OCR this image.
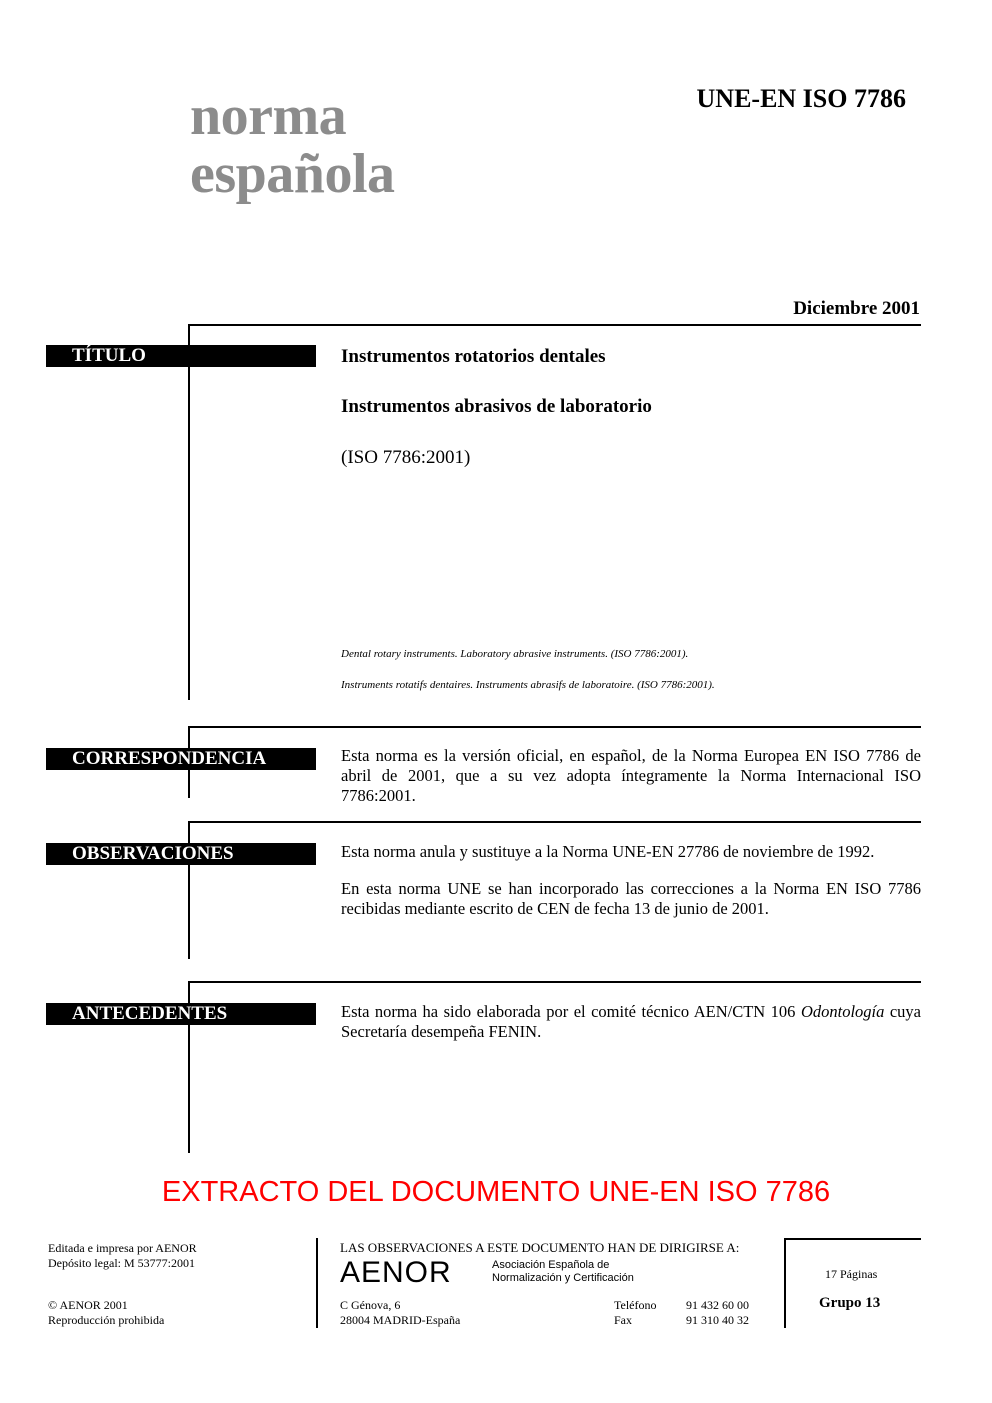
norma
española
UNE-EN ISO 7786
Diciembre 2001
TÍTULO	Instrumentos rotatorios dentales
Instrumentos abrasivos de laboratorio
(ISO 7786:2001)
Dental rotary instruments. Laboratory abrasive instruments. (ISO 7786:2001).
Instruments rotatifs dentaires. Instruments abrasifs de laboratoire. (ISO 7786:2001).
CORRESPONDENCIA	Esta norma es la versión oficial, en español, de la Norma Europea EN ISO 7786 de abril de 2001, que a su vez adopta íntegramente la Norma Internacional ISO 7786:2001.
OBSERVACIONES	Esta norma anula y sustituye a la Norma UNE-EN 27786 de noviembre de 1992.
En esta norma UNE se han incorporado las correcciones a la Norma EN ISO 7786 recibidas mediante escrito de CEN de fecha 13 de junio de 2001.
ANTECEDENTES	Esta norma ha sido elaborada por el comité técnico AEN/CTN 106 Odontología cuya Secretaría desempeña FENIN.
EXTRACTO DEL DOCUMENTO UNE-EN ISO 7786
Editada e impresa por AENOR
Depósito legal: M 53777:2001
© AENOR 2001
Reproducción prohibida
LAS OBSERVACIONES A ESTE DOCUMENTO HAN DE DIRIGIRSE A:
AENOR	Asociación Española de
Normalización y Certificación
C Génova, 6
28004 MADRID-España
Teléfono 91 432 60 00
Fax	91 310 40 32
17 Páginas
Grupo 13
